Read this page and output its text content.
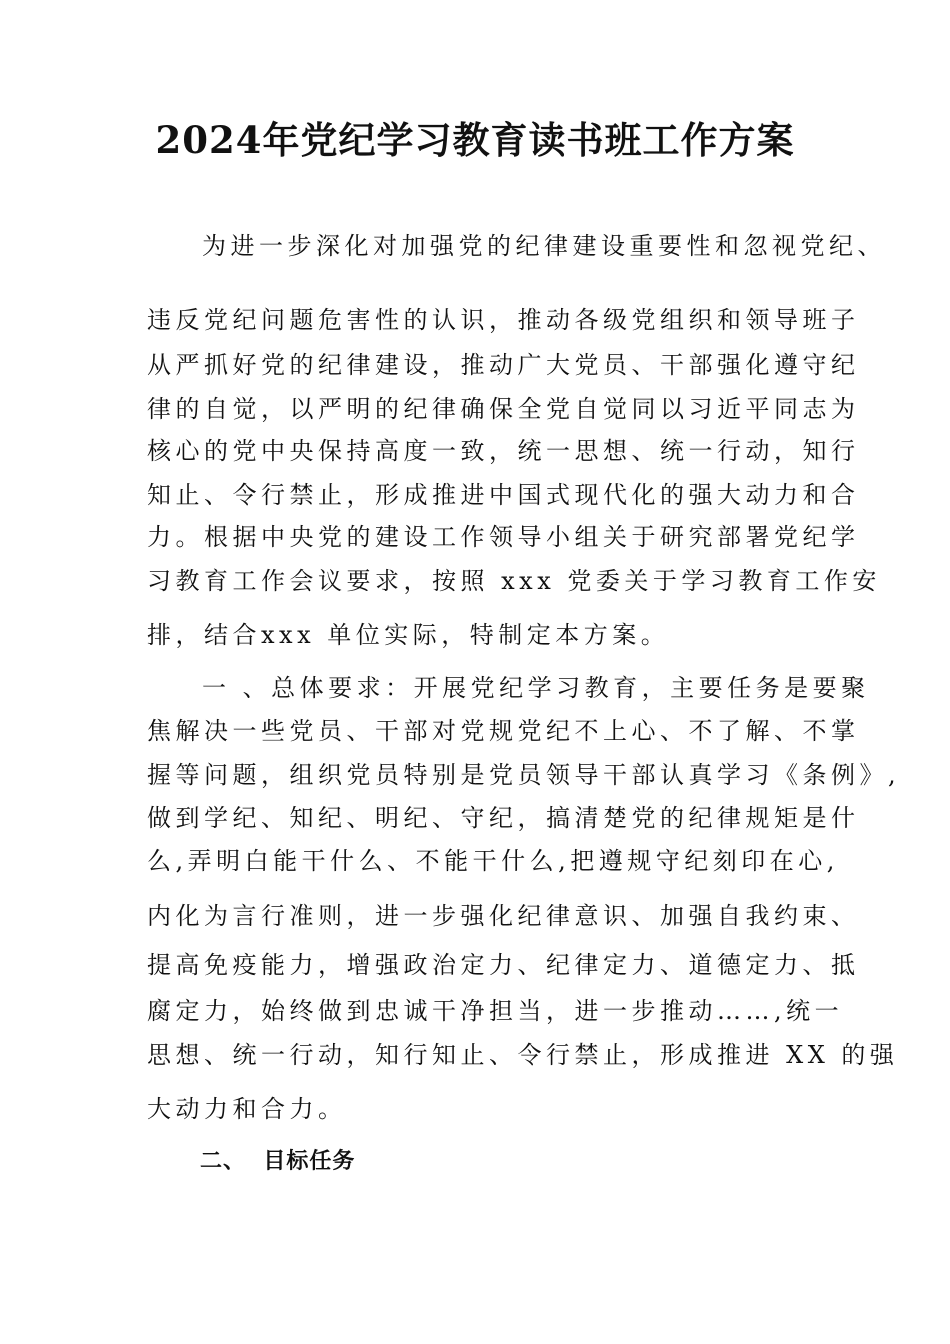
2024年党纪学习教育读书班工作方案
为进一步深化对加强党的纪律建设重要性和忽视党纪、
违反党纪问题危害性的认识，推动各级党组织和领导班子
从严抓好党的纪律建设，推动广大党员、干部强化遵守纪
律的自觉，以严明的纪律确保全党自觉同以习近平同志为
核心的党中央保持高度一致，统一思想、统一行动，知行
知止、令行禁止，形成推进中国式现代化的强大动力和合
力。根据中央党的建设工作领导小组关于研究部署党纪学
习教育工作会议要求，按照 xxx 党委关于学习教育工作安
排，结合xxx 单位实际，特制定本方案。
一 、总体要求：开展党纪学习教育，主要任务是要聚
焦解决一些党员、干部对党规党纪不上心、不了解、不掌
握等问题，组织党员特别是党员领导干部认真学习《条例》,
做到学纪、知纪、明纪、守纪，搞清楚党的纪律规矩是什
么,弄明白能干什么、不能干什么,把遵规守纪刻印在心,
内化为言行准则，进一步强化纪律意识、加强自我约束、
提高免疫能力，增强政治定力、纪律定力、道德定力、抵
腐定力，始终做到忠诚干净担当，进一步推动……,统一
思想、统一行动，知行知止、令行禁止，形成推进 XX 的强
大动力和合力。
二、  目标任务
